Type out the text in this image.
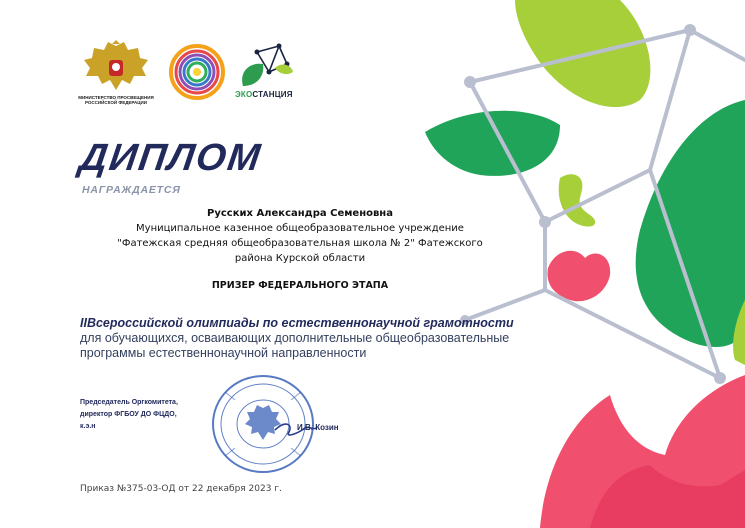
МИНИСТЕРСТВО ПРОСВЕЩЕНИЯ РОССИЙСКОЙ ФЕДЕРАЦИИ
ЭКОСТАНЦИЯ
ДИПЛОМ
НАГРАЖДАЕТСЯ
Русских Александра Семеновна
Муниципальное казенное общеобразовательное учреждение
"Фатежская средняя общеобразовательная школа № 2" Фатежского
района Курской области
ПРИЗЕР ФЕДЕРАЛЬНОГО ЭТАПА
IIВсероссийской олимпиады по естественнонаучной грамотности
для обучающихся, осваивающих дополнительные общеобразовательные
программы естественнонаучной направленности
Председатель Оргкомитета,
директор ФГБОУ ДО ФЦДО,
к.э.н	И.В. Козин
Приказ №375-03-ОД от 22 декабря 2023 г.
